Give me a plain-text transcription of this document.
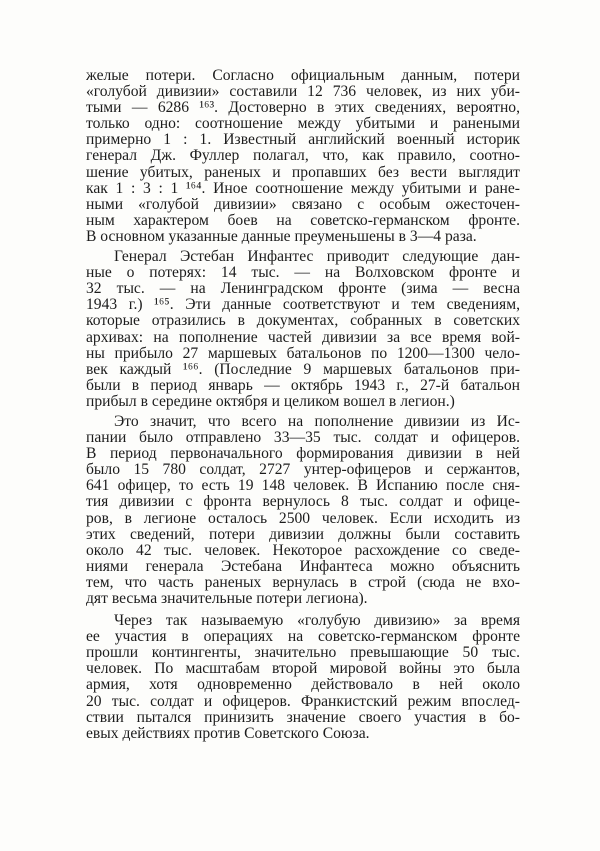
желые потери. Согласно официальным данным, потери
«голубой дивизии» составили 12 736 человек, из них уби-
тыми — 6286 ¹⁶³. Достоверно в этих сведениях, вероятно,
только одно: соотношение между убитыми и ранеными
примерно 1 : 1. Известный английский военный историк
генерал Дж. Фуллер полагал, что, как правило, соотно-
шение убитых, раненых и пропавших без вести выглядит
как 1 : 3 : 1 ¹⁶⁴. Иное соотношение между убитыми и ране-
ными «голубой дивизии» связано с особым ожесточен-
ным характером боев на советско-германском фронте.
В основном указанные данные преуменьшены в 3—4 раза.
Генерал Эстебан Инфантес приводит следующие дан-
ные о потерях: 14 тыс. — на Волховском фронте и
32 тыс. — на Ленинградском фронте (зима — весна
1943 г.) ¹⁶⁵. Эти данные соответствуют и тем сведениям,
которые отразились в документах, собранных в советских
архивах: на пополнение частей дивизии за все время вой-
ны прибыло 27 маршевых батальонов по 1200—1300 чело-
век каждый ¹⁶⁶. (Последние 9 маршевых батальонов при-
были в период январь — октябрь 1943 г., 27-й батальон
прибыл в середине октября и целиком вошел в легион.)
Это значит, что всего на пополнение дивизии из Ис-
пании было отправлено 33—35 тыс. солдат и офицеров.
В период первоначального формирования дивизии в ней
было 15 780 солдат, 2727 унтер-офицеров и сержантов,
641 офицер, то есть 19 148 человек. В Испанию после сня-
тия дивизии с фронта вернулось 8 тыс. солдат и офице-
ров, в легионе осталось 2500 человек. Если исходить из
этих сведений, потери дивизии должны были составить
около 42 тыс. человек. Некоторое расхождение со сведе-
ниями генерала Эстебана Инфантеса можно объяснить
тем, что часть раненых вернулась в строй (сюда не вхо-
дят весьма значительные потери легиона).
Через так называемую «голубую дивизию» за время
ее участия в операциях на советско-германском фронте
прошли контингенты, значительно превышающие 50 тыс.
человек. По масштабам второй мировой войны это была
армия, хотя одновременно действовало в ней около
20 тыс. солдат и офицеров. Франкистский режим впослед-
ствии пытался принизить значение своего участия в бо-
евых действиях против Советского Союза.
